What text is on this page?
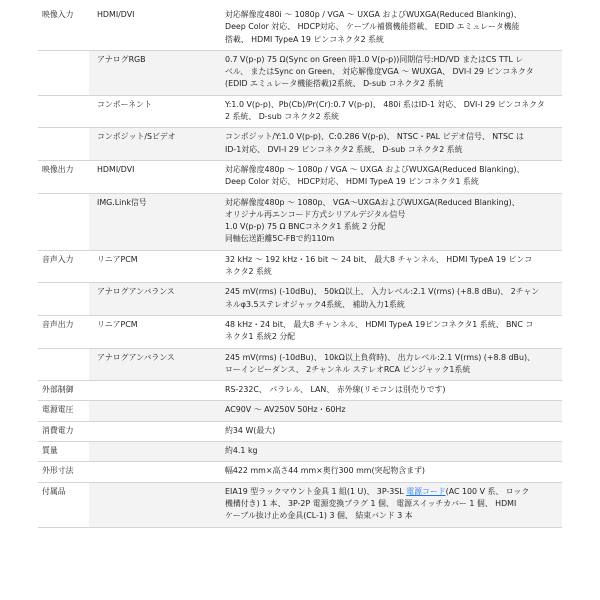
映像入力	HDMI/DVI	対応解像度480i ～ 1080p / VGA ～ UXGA およびWUXGA(Reduced Blanking)、
Deep Color 対応、 HDCP対応、 ケーブル補償機能搭載、 EDID エミュレータ機能
搭載、 HDMI TypeA 19 ピンコネクタ2 系統

	アナログRGB	0.7 V(p-p) 75 Ω(Sync on Green 時1.0 V(p-p))同期信号:HD/VD またはCS TTL レ
ベル、 またはSync on Green、 対応解像度VGA ～ WUXGA、 DVI-I 29 ピンコネクタ
(EDID エミュレータ機能搭載)2系統、 D-sub コネクタ2 系統

	コンポーネント	Y:1.0 V(p-p)、Pb(Cb)/Pr(Cr):0.7 V(p-p)、 480i 系はID-1 対応、 DVI-I 29 ピンコネクタ
2 系統、 D-sub コネクタ2 系統

	コンポジット/Sビデオ	コンポジット/Y:1.0 V(p-p)、C:0.286 V(p-p)、 NTSC・PAL ビデオ信号、 NTSC は
ID-1対応、 DVI-I 29 ピンコネクタ2 系統、 D-sub コネクタ2 系統

映像出力	HDMI/DVI	対応解像度480p ～ 1080p / VGA ～ UXGA およびWUXGA(Reduced Blanking)、
Deep Color 対応、 HDCP対応、 HDMI TypeA 19 ピンコネクタ1 系統

	IMG.Link信号	対応解像度480p ～ 1080p、 VGA～UXGAおよびWUXGA(Reduced Blanking)、
オリジナル再エンコード方式シリアルデジタル信号
1.0 V(p-p) 75 Ω BNCコネクタ1 系統 2 分配
同軸伝送距離5C-FBで約110m

音声入力	リニアPCM	32 kHz ～ 192 kHz・16 bit ～ 24 bit、 最大8 チャンネル、 HDMI TypeA 19 ピンコ
ネクタ2 系統

	アナログアンバランス	245 mV(rms) (-10dBu)、 50kΩ以上、 入力レベル:2.1 V(rms) (+8.8 dBu)、 2チャン
ネルφ3.5ステレオジャック4系統、 補助入力1系統

音声出力	リニアPCM	48 kHz・24 bit、 最大8 チャンネル、 HDMI TypeA 19ピンコネクタ1 系統、 BNC コ
ネクタ1 系統2 分配

	アナログアンバランス	245 mV(rms) (-10dBu)、 10kΩ以上負荷時)、 出力レベル:2.1 V(rms) (+8.8 dBu)、
ローインピーダンス、 2チャンネル ステレオRCA ピンジャック1系統

外部制御		RS-232C、 パラレル、 LAN、 赤外線(リモコンは別売りです)

電源電圧		AC90V ～ AV250V 50Hz・60Hz

消費電力		約34 W(最大)

質量		約4.1 kg

外形寸法		幅422 mm×高さ44 mm×奥行300 mm(突起物含まず)

付属品		EIA19 型ラックマウント金具 1 組(1 U)、 3P-3SL 電源コード(AC 100 V 系、 ロック
機構付き) 1 本、 3P-2P 電源変換プラグ 1 個、 電源スイッチカバー 1 個、 HDMI
ケーブル抜け止め金具(CL-1) 3 個、 結束バンド 3 本
